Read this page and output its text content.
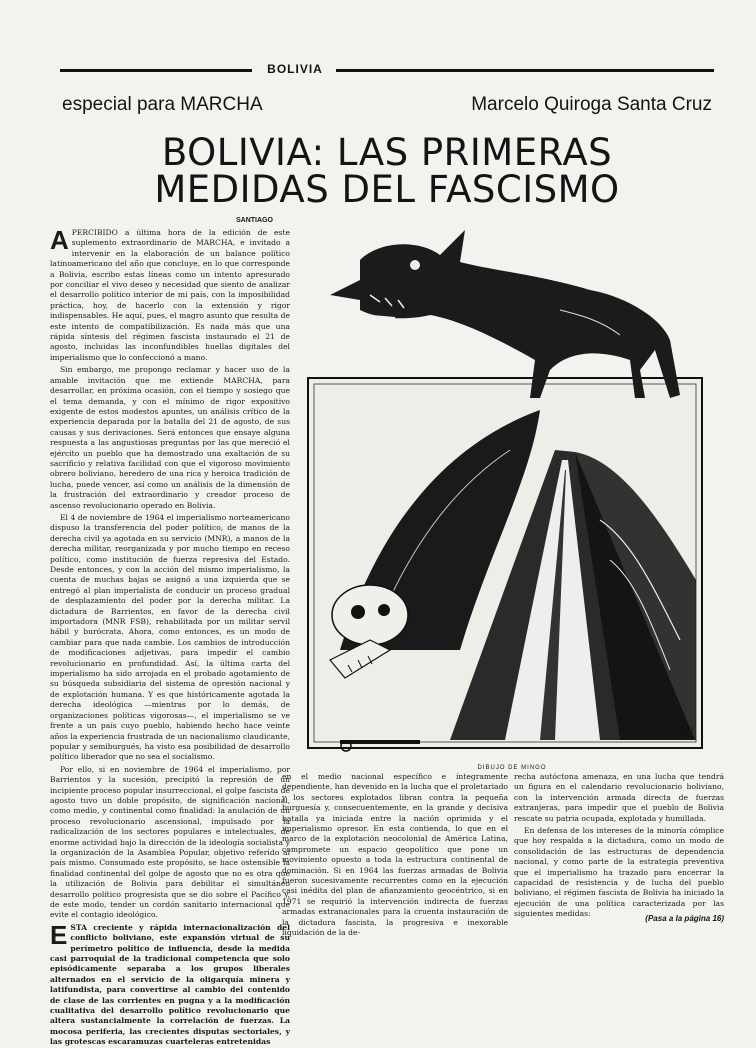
BOLIVIA
especial para MARCHA	Marcelo Quiroga Santa Cruz
BOLIVIA: LAS PRIMERAS
MEDIDAS DEL FASCISMO
SANTIAGO

APERCIBIDO a última hora de la edición de este suplemento extraordinario de MARCHA, e invitado a intervenir en la elaboración de un balance político latinoamericano del año que concluye, en lo que corresponde a Bolivia, escribo estas líneas como un intento apresurado por conciliar el vivo deseo y necesidad que siento de analizar el desarrollo político interior de mi país, con la imposibilidad práctica, hoy, de hacerlo con la extensión y rigor indispensables. He aquí, pues, el magro asunto que resulta de este intento de compatibilización. Es nada más que una rápida síntesis del régimen fascista instaurado el 21 de agosto, incluidas las inconfundibles huellas digitales del imperialismo que lo confeccionó a mano.

Sin embargo, me propongo reclamar y hacer uso de la amable invitación que me extiende MARCHA, para desarrollar, en próxima ocasión, con el tiempo y sosiego que el tema demanda, y con el mínimo de rigor expositivo exigente de estos modestos apuntes, un análisis crítico de la experiencia deparada por la batalla del 21 de agosto, de sus causas y sus derivaciones. Será entonces que ensaye alguna respuesta a las angustiosas preguntas por las que mereció el ejército un pueblo que ha demostrado una exaltación de su sacrificio y relativa facilidad con que el vigoroso movimiento obrero boliviano, heredero de una rica y heroica tradición de lucha, puede vencer, así como un análisis de la dimensión de la frustración del extraordinario y creador proceso de ascenso revolucionario operado en Bolivia.

El 4 de noviembre de 1964 el imperialismo norteamericano dispuso la transferencia del poder político, de manos de la derecha civil ya agotada en su servicio (MNR), a manos de la derecha militar, reorganizada y por mucho tiempo en receso político, como institución de fuerza represiva del Estado. Desde entonces, y con la acción del mismo imperialismo, la cuenta de muchas bajas se asignó a una izquierda que se entregó al plan imperialista de conducir un proceso gradual de desplazamiento del poder por la derecha militar. La dictadura de Barrientos, en favor de la derecha civil importadora (MNR FSB), rehabilitada por un militar servil hábil y burócrata. Ahora, como entonces, es un modo de cambiar para que nada cambie. Los cambios de introducción de modificaciones adjetivas, para impedir el cambio revolucionario en profundidad. Así, la última carta del imperialismo ha sido arrojada en el probado agotamiento de su búsqueda subsidiaria del sistema de opresión nacional y de explotación humana. Y es que históricamente agotada la derecha ideológica —mientras por lo demás, de organizaciones políticas vigorosas—, el imperialismo se ve frente a un país cuyo pueblo, habiendo hecho hace veinte años la experiencia frustrada de un nacionalismo claudicante, popular y semiburgués, ha visto esa posibilidad de desarrollo político liberador que no sea el socialismo.

Por ello, si en noviembre de 1964 el imperialismo, por Barrientos y la sucesión, precipitó la represión de un incipiente proceso popular insurreccional, el golpe fascista de agosto tuvo un doble propósito, de significación nacional, como medio, y continental como finalidad: la anulación de un proceso revolucionario ascensional, impulsado por la radicalización de los sectores populares e intelectuales, de enorme actividad bajo la dirección de la ideología socialista y la organización de la Asamblea Popular, objetivo referido al país mismo. Consumado este propósito, se hace ostensible la finalidad continental del golpe de agosto que no es otra que la utilización de Bolivia para debilitar el simultáneo desarrollo político progresista que se dio sobre el Pacífico y, de este modo, tender un cordón sanitario internacional que evite el contagio ideológico.

ESTA creciente y rápida internacionalización del conflicto boliviano, este expansión virtual de su perímetro político de influencia, desde la medida casi parroquial de la tradicional competencia que solo episódicamente separaba a los grupos liberales alternados en el servicio de la oligarquía minera y latifundista, para convertirse al cambio del contenido de clase de las corrientes en pugna y a la modificación cualitativa del desarrollo político revolucionario que altera sustancialmente la correlación de fuerzas. La mocosa periferia, las crecientes disputas sectoriales, y las grotescas escaramuzas cuarteleras entretenidas

Mingo
DIBUJO DE MINGO

en el medio nacional específico e íntegramente dependiente, han devenido en la lucha que el proletariado y los sectores explotados libran contra la pequeña burguesía y, consecuentemente, en la grande y decisiva batalla ya iniciada entre la nación oprimida y el imperialismo opresor. En esta contienda, lo que en el marco de la explotación neocolonial de América Latina, compromete un espacio geopolítico que pone un movimiento opuesto a toda la estructura continental de dominación. Si en 1964 las fuerzas armadas de Bolivia fueron sucesivamente recurrentes como en la ejecución casi inédita del plan de afianzamiento geocéntrico, si en 1971 se requirió la intervención indirecta de fuerzas armadas extranacionales para la cruenta instauración de la dictadura fascista, la progresiva e inexorable liquidación de la de-

recha autóctona amenaza, en una lucha que tendrá un figura en el calendario revolucionario boliviano, con la intervención armada directa de fuerzas extranjeras, para impedir que el pueblo de Bolivia rescate su patria ocupada, explotada y humillada.

En defensa de los intereses de la minoría cómplice que hoy respalda a la dictadura, como un modo de consolidación de las estructuras de dependencia nacional, y como parte de la estrategia preventiva que el imperialismo ha trazado para encerrar la capacidad de resistencia y de lucha del pueblo boliviano, el régimen fascista de Bolivia ha iniciado la ejecución de una política caracterizada por las siguientes medidas:

(Pasa a la página 16)
